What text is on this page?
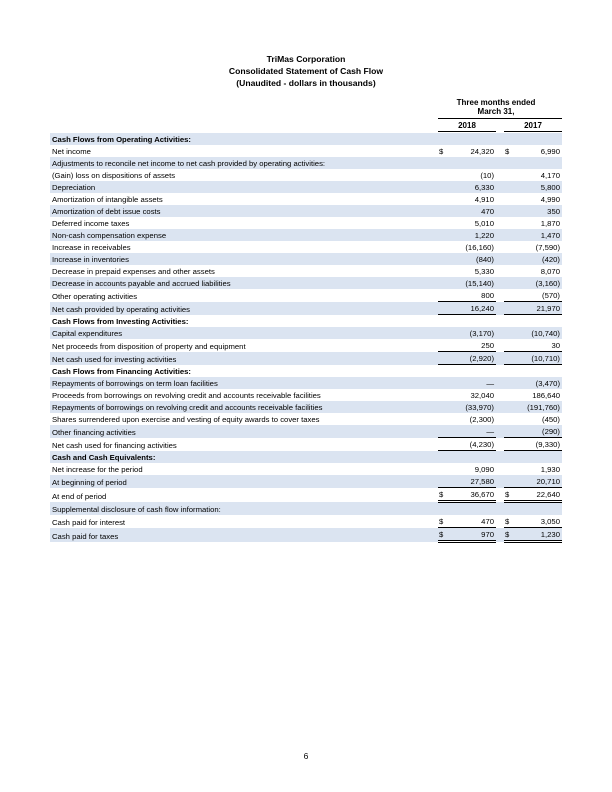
TriMas Corporation
Consolidated Statement of Cash Flow
(Unaudited - dollars in thousands)
Three months ended
March 31,
2018	2017
Cash Flows from Operating Activities:					
Net income	$	24,320		$	6,990
Adjustments to reconcile net income to net cash provided by operating activities:					
(Gain) loss on dispositions of assets		(10)			4,170
Depreciation		6,330			5,800
Amortization of intangible assets		4,910			4,990
Amortization of debt issue costs		470			350
Deferred income taxes		5,010			1,870
Non-cash compensation expense		1,220			1,470
Increase in receivables		(16,160)			(7,590)
Increase in inventories		(840)			(420)
Decrease in prepaid expenses and other assets		5,330			8,070
Decrease in accounts payable and accrued liabilities		(15,140)			(3,160)
Other operating activities		800			(570)
Net cash provided by operating activities		16,240			21,970
Cash Flows from Investing Activities:					
Capital expenditures		(3,170)			(10,740)
Net proceeds from disposition of property and equipment		250			30
Net cash used for investing activities		(2,920)			(10,710)
Cash Flows from Financing Activities:					
Repayments of borrowings on term loan facilities		—			(3,470)
Proceeds from borrowings on revolving credit and accounts receivable facilities		32,040			186,640
Repayments of borrowings on revolving credit and accounts receivable facilities		(33,970)			(191,760)
Shares surrendered upon exercise and vesting of equity awards to cover taxes		(2,300)			(450)
Other financing activities		—			(290)
Net cash used for financing activities		(4,230)			(9,330)
Cash and Cash Equivalents:					
Net increase for the period		9,090			1,930
At beginning of period		27,580			20,710
At end of period	$	36,670		$	22,640
Supplemental disclosure of cash flow information:					
Cash paid for interest	$	470		$	3,050
Cash paid for taxes	$	970		$	1,230
6
